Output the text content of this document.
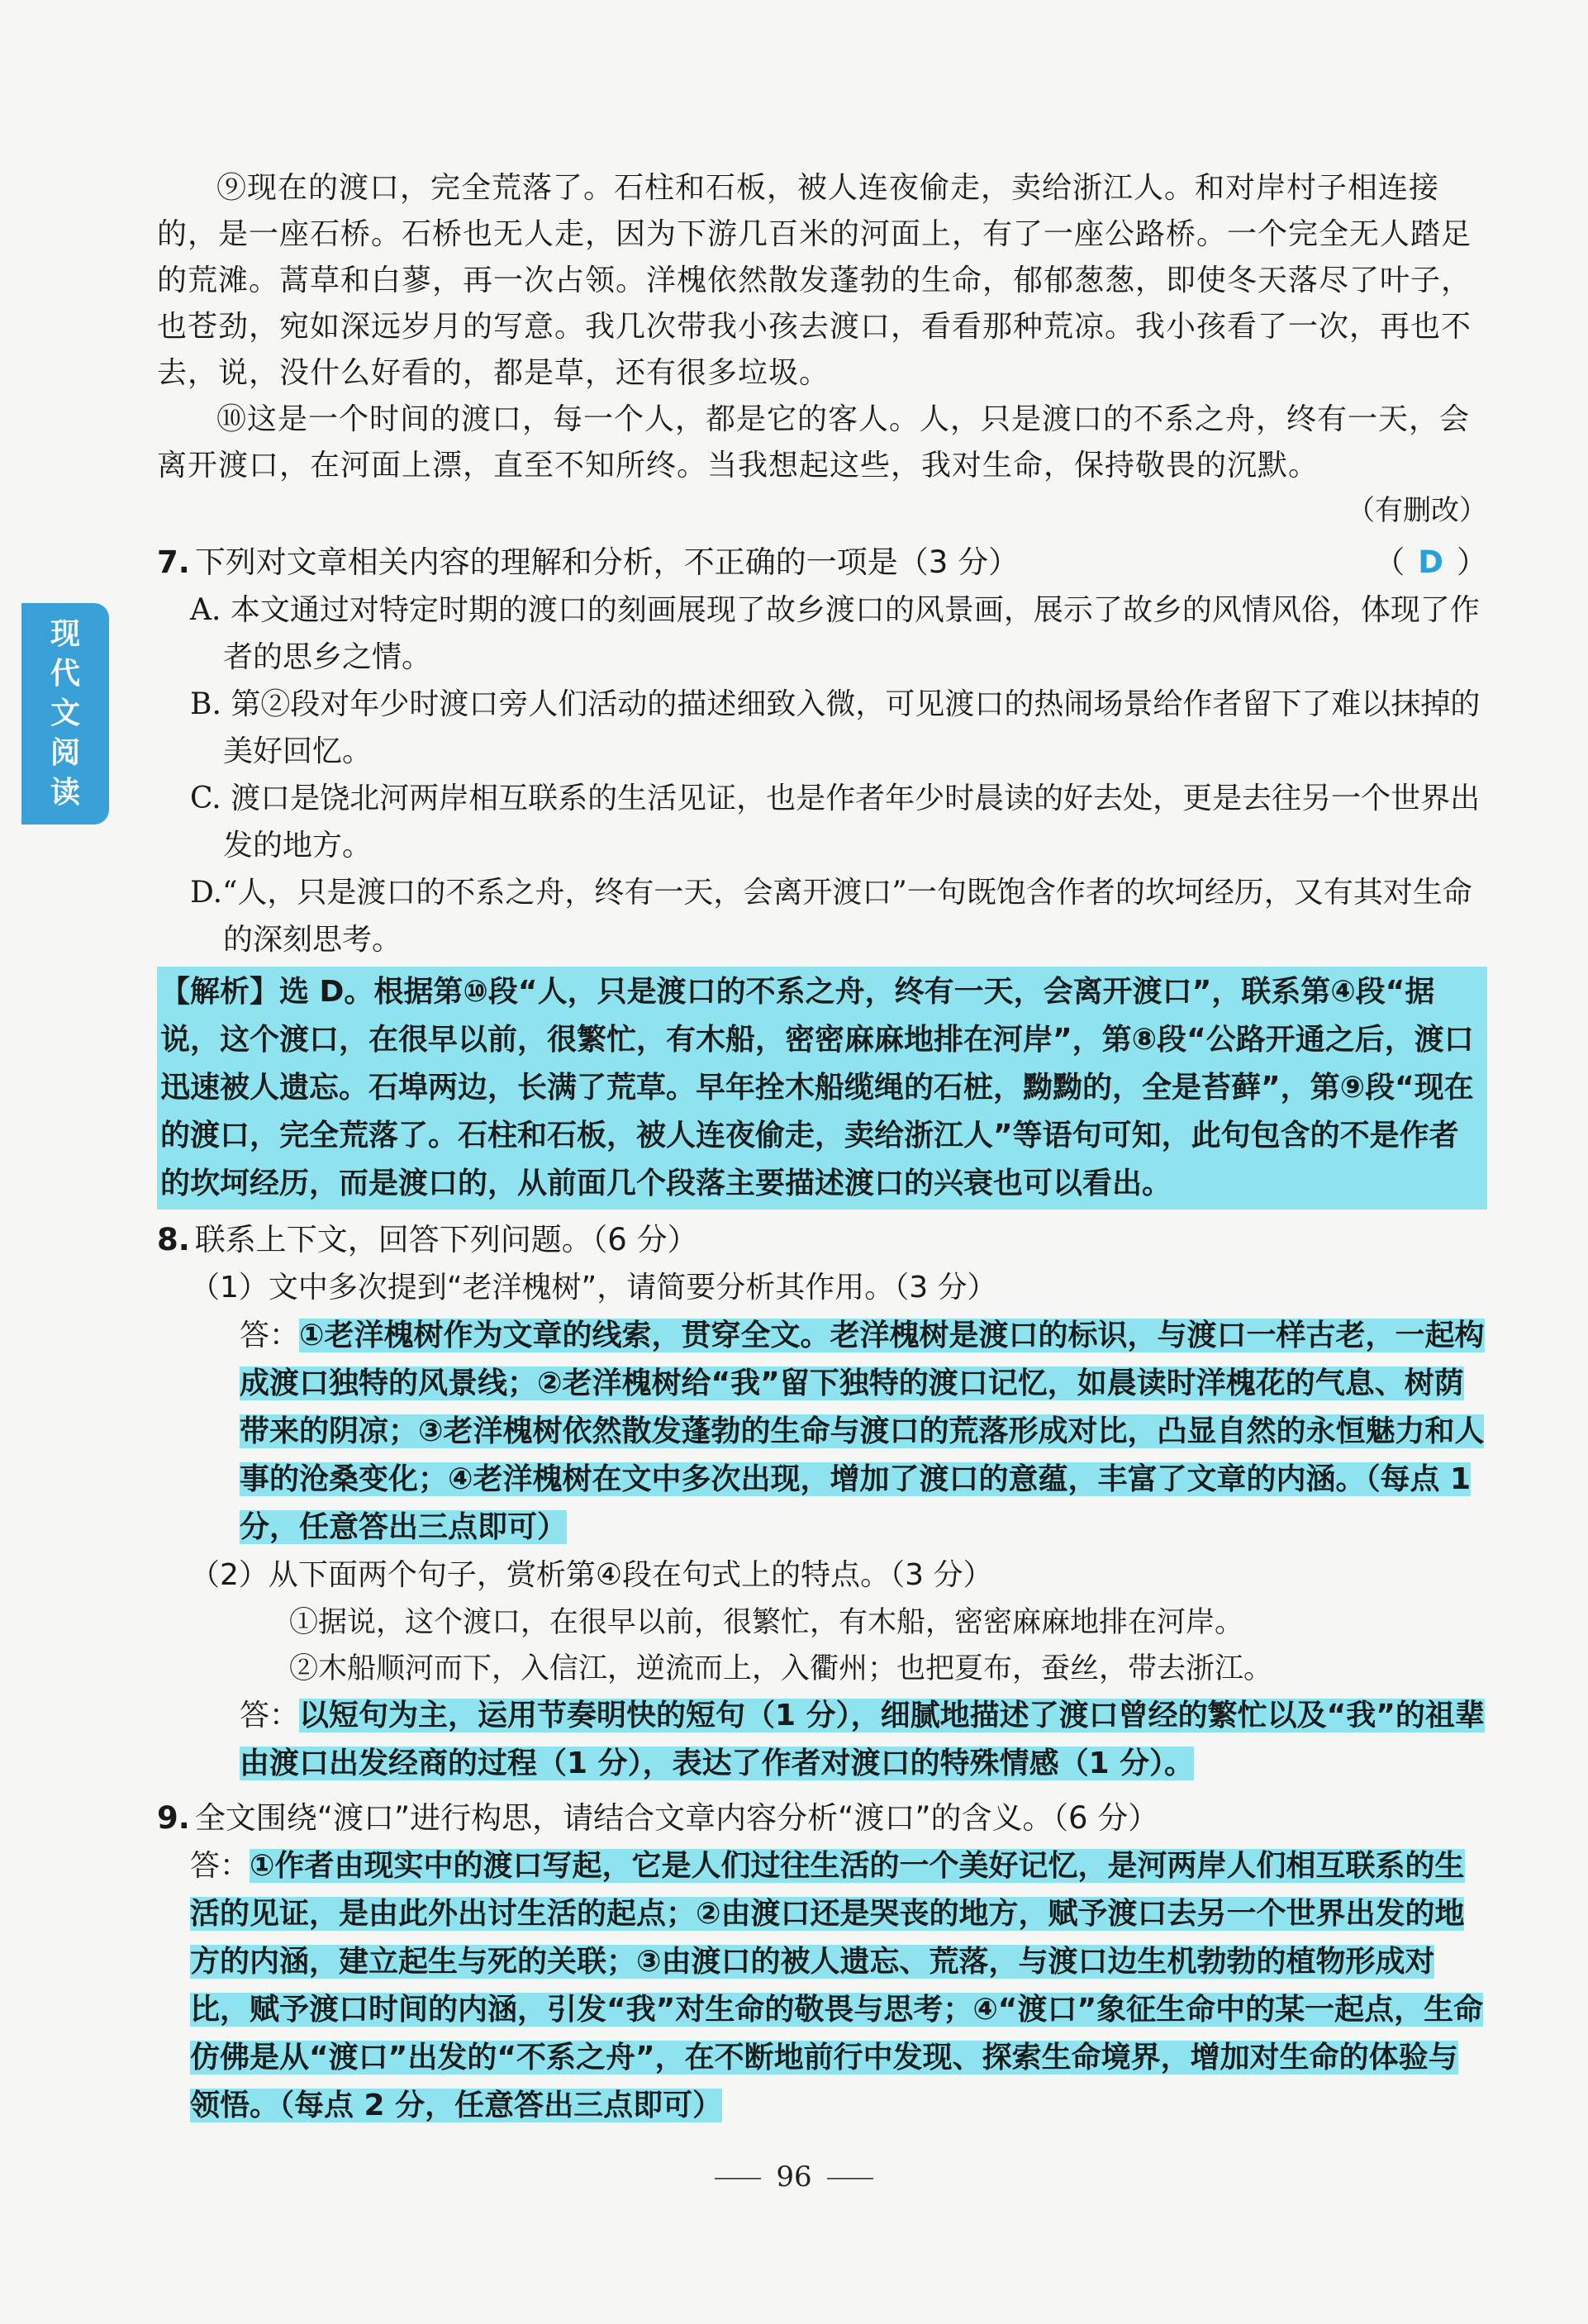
现
代
文
阅
读

⑨现在的渡口，完全荒落了。石柱和石板，被人连夜偷走，卖给浙江人。和对岸村子相连接的，是一座石桥。石桥也无人走，因为下游几百米的河面上，有了一座公路桥。一个完全无人踏足的荒滩。蒿草和白蓼，再一次占领。洋槐依然散发蓬勃的生命，郁郁葱葱，即使冬天落尽了叶子，也苍劲，宛如深远岁月的写意。我几次带我小孩去渡口，看看那种荒凉。我小孩看了一次，再也不去，说，没什么好看的，都是草，还有很多垃圾。

⑩这是一个时间的渡口，每一个人，都是它的客人。人，只是渡口的不系之舟，终有一天，会离开渡口，在河面上漂，直至不知所终。当我想起这些，我对生命，保持敬畏的沉默。

（有删改）

7. 下列对文章相关内容的理解和分析，不正确的一项是（3 分）	（ D ）

A. 本文通过对特定时期的渡口的刻画展现了故乡渡口的风景画，展示了故乡的风情风俗，体现了作者的思乡之情。

B. 第②段对年少时渡口旁人们活动的描述细致入微，可见渡口的热闹场景给作者留下了难以抹掉的美好回忆。

C. 渡口是饶北河两岸相互联系的生活见证，也是作者年少时晨读的好去处，更是去往另一个世界出发的地方。

D.“人，只是渡口的不系之舟，终有一天，会离开渡口”一句既饱含作者的坎坷经历，又有其对生命的深刻思考。

【解析】选 D。根据第⑩段“人，只是渡口的不系之舟，终有一天，会离开渡口”，联系第④段“据说，这个渡口，在很早以前，很繁忙，有木船，密密麻麻地排在河岸”，第⑧段“公路开通之后，渡口迅速被人遗忘。石埠两边，长满了荒草。早年拴木船缆绳的石桩，黝黝的，全是苔藓”，第⑨段“现在的渡口，完全荒落了。石柱和石板，被人连夜偷走，卖给浙江人”等语句可知，此句包含的不是作者的坎坷经历，而是渡口的，从前面几个段落主要描述渡口的兴衰也可以看出。
8. 联系上下文，回答下列问题。（6 分）

（1）文中多次提到“老洋槐树”，请简要分析其作用。（3 分）

答：①老洋槐树作为文章的线索，贯穿全文。老洋槐树是渡口的标识，与渡口一样古老，一起构成渡口独特的风景线；②老洋槐树给“我”留下独特的渡口记忆，如晨读时洋槐花的气息、树荫带来的阴凉；③老洋槐树依然散发蓬勃的生命与渡口的荒落形成对比，凸显自然的永恒魅力和人事的沧桑变化；④老洋槐树在文中多次出现，增加了渡口的意蕴，丰富了文章的内涵。（每点 1 分，任意答出三点即可）

（2）从下面两个句子，赏析第④段在句式上的特点。（3 分）

①据说，这个渡口，在很早以前，很繁忙，有木船，密密麻麻地排在河岸。

②木船顺河而下，入信江，逆流而上，入衢州；也把夏布，蚕丝，带去浙江。

答：以短句为主，运用节奏明快的短句（1 分），细腻地描述了渡口曾经的繁忙以及“我”的祖辈由渡口出发经商的过程（1 分），表达了作者对渡口的特殊情感（1 分）。

9. 全文围绕“渡口”进行构思，请结合文章内容分析“渡口”的含义。（6 分）

答：①作者由现实中的渡口写起，它是人们过往生活的一个美好记忆，是河两岸人们相互联系的生活的见证，是由此外出讨生活的起点；②由渡口还是哭丧的地方，赋予渡口去另一个世界出发的地方的内涵，建立起生与死的关联；③由渡口的被人遗忘、荒落，与渡口边生机勃勃的植物形成对比，赋予渡口时间的内涵，引发“我”对生命的敬畏与思考；④“渡口”象征生命中的某一起点，生命仿佛是从“渡口”出发的“不系之舟”，在不断地前行中发现、探索生命境界，增加对生命的体验与领悟。（每点 2 分，任意答出三点即可）

96
